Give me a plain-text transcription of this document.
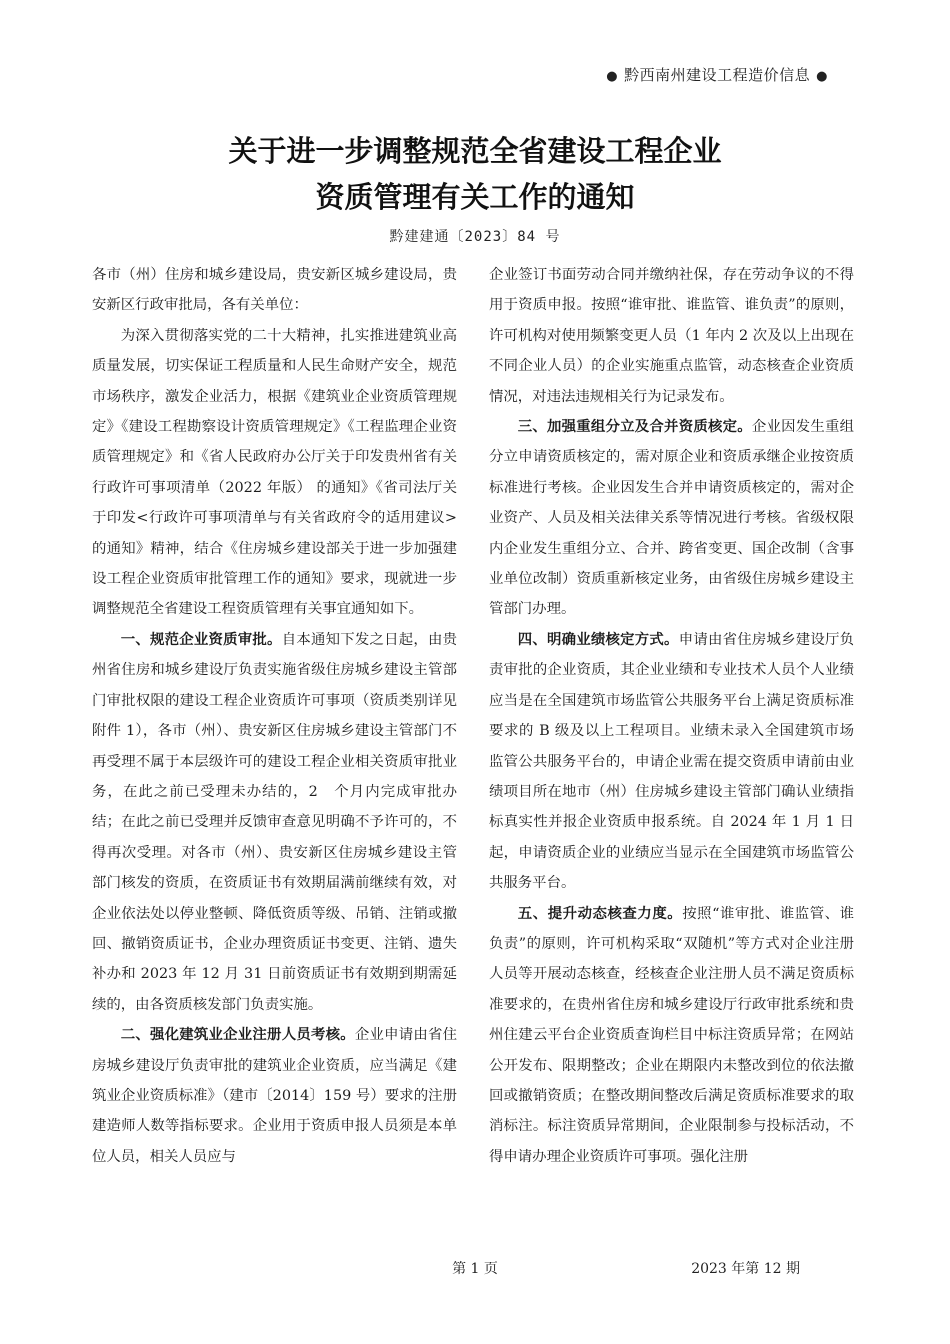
● 黔西南州建设工程造价信息 ●
关于进一步调整规范全省建设工程企业
资质管理有关工作的通知
黔建建通〔2023〕84 号

各市（州）住房和城乡建设局，贵安新区城乡建设局，贵安新区行政审批局，各有关单位：

为深入贯彻落实党的二十大精神，扎实推进建筑业高质量发展，切实保证工程质量和人民生命财产安全，规范市场秩序，激发企业活力，根据《建筑业企业资质管理规定》《建设工程勘察设计资质管理规定》《工程监理企业资质管理规定》和《省人民政府办公厅关于印发贵州省有关行政许可事项清单（2022 年版） 的通知》《省司法厅关于印发<行政许可事项清单与有关省政府令的适用建议>的通知》精神，结合《住房城乡建设部关于进一步加强建设工程企业资质审批管理工作的通知》要求，现就进一步调整规范全省建设工程资质管理有关事宜通知如下。

一、规范企业资质审批。自本通知下发之日起，由贵州省住房和城乡建设厅负责实施省级住房城乡建设主管部门审批权限的建设工程企业资质许可事项（资质类别详见附件 1），各市（州）、贵安新区住房城乡建设主管部门不再受理不属于本层级许可的建设工程企业相关资质审批业务，在此之前已受理未办结的，2　个月内完成审批办结；在此之前已受理并反馈审查意见明确不予许可的，不得再次受理。对各市（州）、贵安新区住房城乡建设主管部门核发的资质，在资质证书有效期届满前继续有效，对企业依法处以停业整顿、降低资质等级、吊销、注销或撤回、撤销资质证书，企业办理资质证书变更、注销、遗失补办和 2023 年 12 月 31 日前资质证书有效期到期需延续的，由各资质核发部门负责实施。

二、强化建筑业企业注册人员考核。企业申请由省住房城乡建设厅负责审批的建筑业企业资质，应当满足《建筑业企业资质标准》（建市〔2014〕159 号）要求的注册建造师人数等指标要求。企业用于资质申报人员须是本单位人员，相关人员应与

企业签订书面劳动合同并缴纳社保，存在劳动争议的不得用于资质申报。按照“谁审批、谁监管、谁负责”的原则，许可机构对使用频繁变更人员（1 年内 2 次及以上出现在不同企业人员）的企业实施重点监管，动态核查企业资质情况，对违法违规相关行为记录发布。

三、加强重组分立及合并资质核定。企业因发生重组分立申请资质核定的，需对原企业和资质承继企业按资质标准进行考核。企业因发生合并申请资质核定的，需对企业资产、人员及相关法律关系等情况进行考核。省级权限内企业发生重组分立、合并、跨省变更、国企改制（含事业单位改制）资质重新核定业务，由省级住房城乡建设主管部门办理。

四、明确业绩核定方式。申请由省住房城乡建设厅负责审批的企业资质，其企业业绩和专业技术人员个人业绩应当是在全国建筑市场监管公共服务平台上满足资质标准要求的 B 级及以上工程项目。业绩未录入全国建筑市场监管公共服务平台的，申请企业需在提交资质申请前由业绩项目所在地市（州）住房城乡建设主管部门确认业绩指标真实性并报企业资质申报系统。自 2024 年 1 月 1 日起，申请资质企业的业绩应当显示在全国建筑市场监管公共服务平台。

五、提升动态核查力度。按照“谁审批、谁监管、谁负责”的原则，许可机构采取“双随机”等方式对企业注册人员等开展动态核查，经核查企业注册人员不满足资质标准要求的，在贵州省住房和城乡建设厅行政审批系统和贵州住建云平台企业资质查询栏目中标注资质异常；在网站公开发布、限期整改；企业在期限内未整改到位的依法撤回或撤销资质；在整改期间整改后满足资质标准要求的取消标注。标注资质异常期间，企业限制参与投标活动，不得申请办理企业资质许可事项。强化注册

第 1 页	2023 年第 12 期
